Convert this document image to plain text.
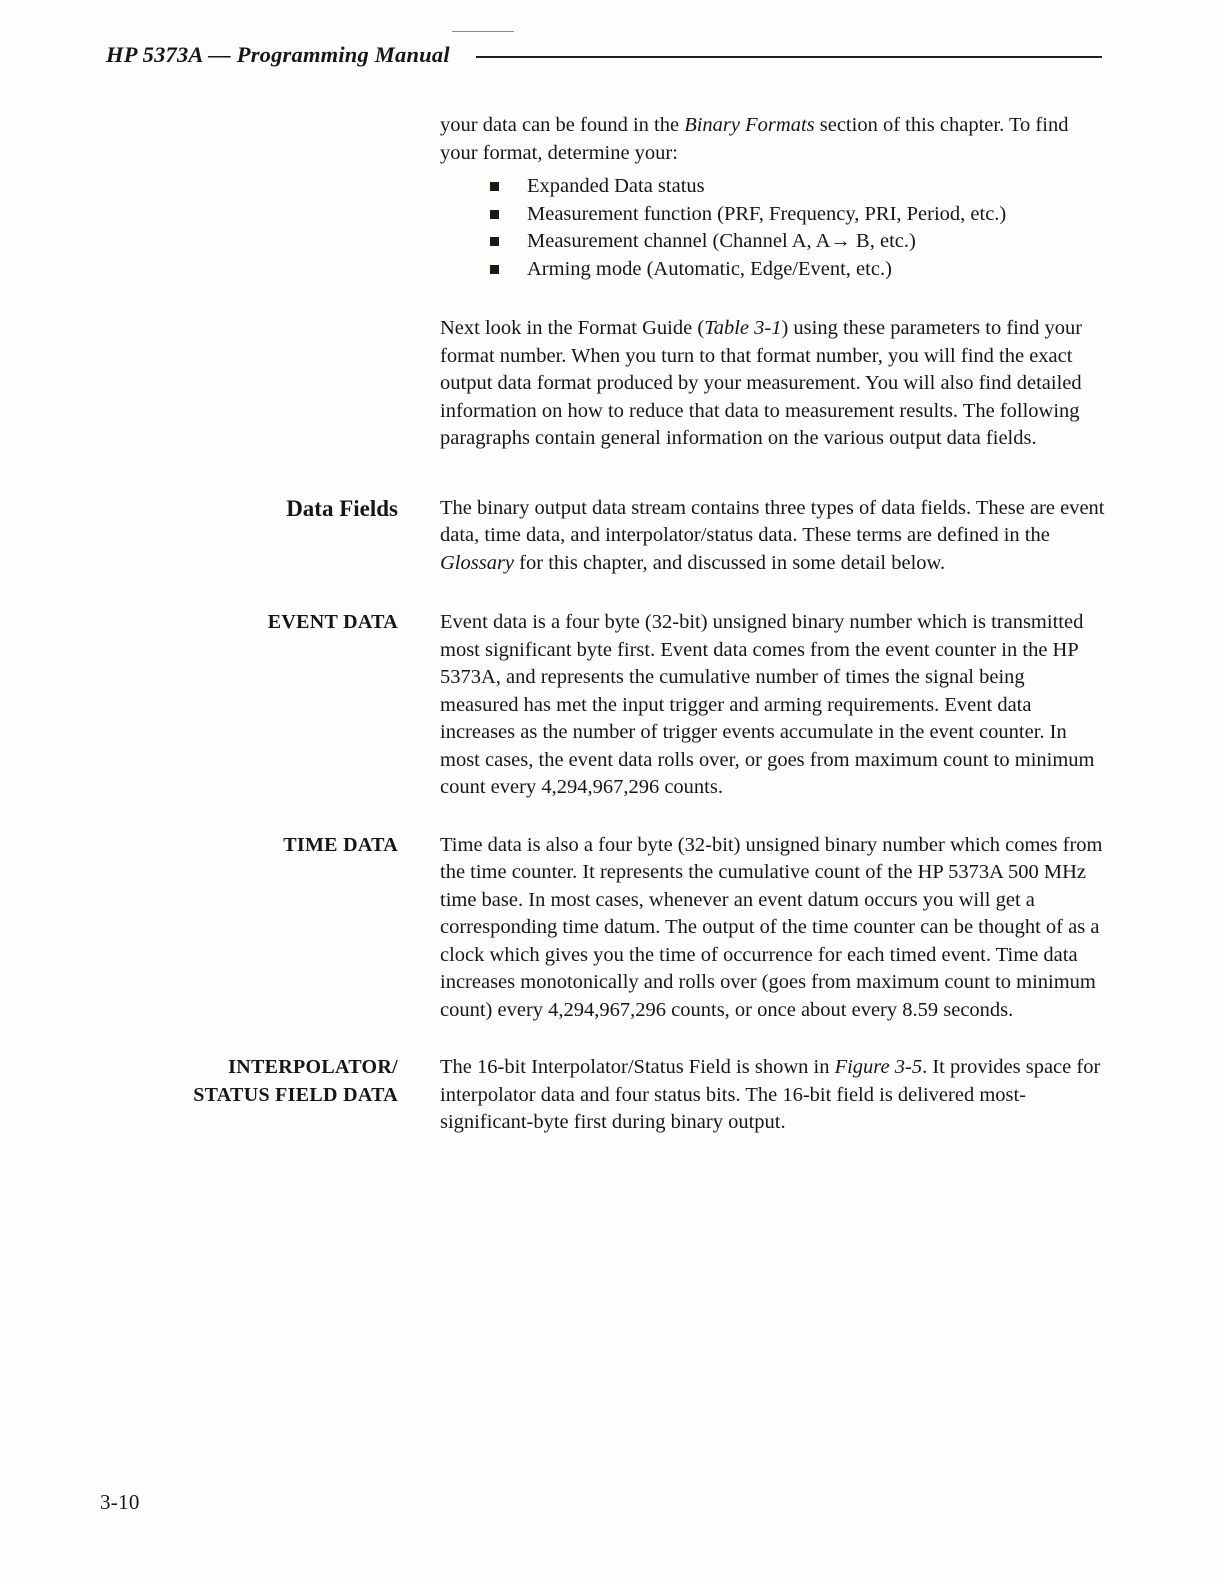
HP 5373A — Programming Manual

your data can be found in the Binary Formats section of this chapter. To find your format, determine your:

Expanded Data status
Measurement function (PRF, Frequency, PRI, Period, etc.)
Measurement channel (Channel A, A→ B, etc.)
Arming mode (Automatic, Edge/Event, etc.)

Next look in the Format Guide (Table 3-1) using these parameters to find your format number. When you turn to that format number, you will find the exact output data format produced by your measurement. You will also find detailed information on how to reduce that data to measurement results. The following paragraphs contain general information on the various output data fields.

Data Fields The binary output data stream contains three types of data fields. These are event data, time data, and interpolator/status data. These terms are defined in the Glossary for this chapter, and discussed in some detail below.

EVENT DATA Event data is a four byte (32-bit) unsigned binary number which is transmitted most significant byte first. Event data comes from the event counter in the HP 5373A, and represents the cumulative number of times the signal being measured has met the input trigger and arming requirements. Event data increases as the number of trigger events accumulate in the event counter. In most cases, the event data rolls over, or goes from maximum count to minimum count every 4,294,967,296 counts.

TIME DATA Time data is also a four byte (32-bit) unsigned binary number which comes from the time counter. It represents the cumulative count of the HP 5373A 500 MHz time base. In most cases, whenever an event datum occurs you will get a corresponding time datum. The output of the time counter can be thought of as a clock which gives you the time of occurrence for each timed event. Time data increases monotonically and rolls over (goes from maximum count to minimum count) every 4,294,967,296 counts, or once about every 8.59 seconds.

INTERPOLATOR/
STATUS FIELD DATA

The 16-bit Interpolator/Status Field is shown in Figure 3-5. It provides space for interpolator data and four status bits. The 16-bit field is delivered most-significant-byte first during binary output.

3-10
